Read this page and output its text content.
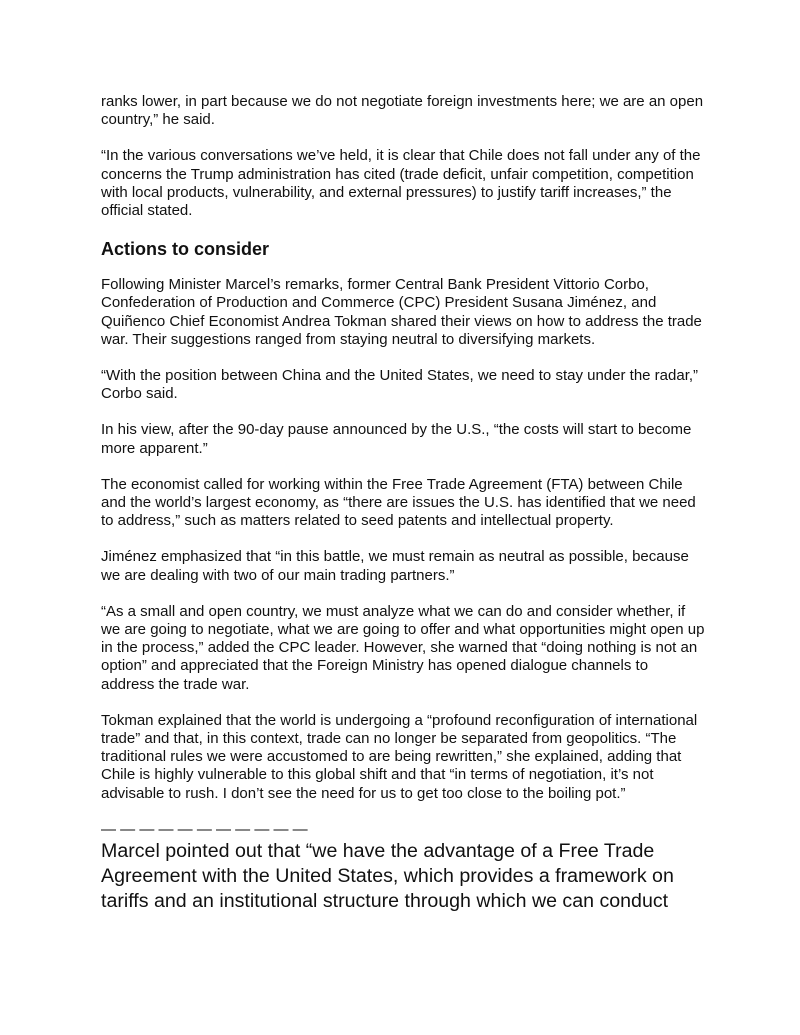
ranks lower, in part because we do not negotiate foreign investments here; we are an open country,” he said.

“In the various conversations we’ve held, it is clear that Chile does not fall under any of the concerns the Trump administration has cited (trade deficit, unfair competition, competition with local products, vulnerability, and external pressures) to justify tariff increases,” the official stated.

Actions to consider

Following Minister Marcel’s remarks, former Central Bank President Vittorio Corbo, Confederation of Production and Commerce (CPC) President Susana Jiménez, and Quiñenco Chief Economist Andrea Tokman shared their views on how to address the trade war. Their suggestions ranged from staying neutral to diversifying markets.

“With the position between China and the United States, we need to stay under the radar,” Corbo said.

In his view, after the 90-day pause announced by the U.S., “the costs will start to become more apparent.”

The economist called for working within the Free Trade Agreement (FTA) between Chile and the world’s largest economy, as “there are issues the U.S. has identified that we need to address,” such as matters related to seed patents and intellectual property.

Jiménez emphasized that “in this battle, we must remain as neutral as possible, because we are dealing with two of our main trading partners.”

“As a small and open country, we must analyze what we can do and consider whether, if we are going to negotiate, what we are going to offer and what opportunities might open up in the process,” added the CPC leader. However, she warned that “doing nothing is not an option” and appreciated that the Foreign Ministry has opened dialogue channels to address the trade war.

Tokman explained that the world is undergoing a “profound reconfiguration of international trade” and that, in this context, trade can no longer be separated from geopolitics. “The traditional rules we were accustomed to are being rewritten,” she explained, adding that Chile is highly vulnerable to this global shift and that “in terms of negotiation, it’s not advisable to rush. I don’t see the need for us to get too close to the boiling pot.”

— — — — — — — — — — —

Marcel pointed out that “we have the advantage of a Free Trade Agreement with the United States, which provides a framework on tariffs and an institutional structure through which we can conduct
